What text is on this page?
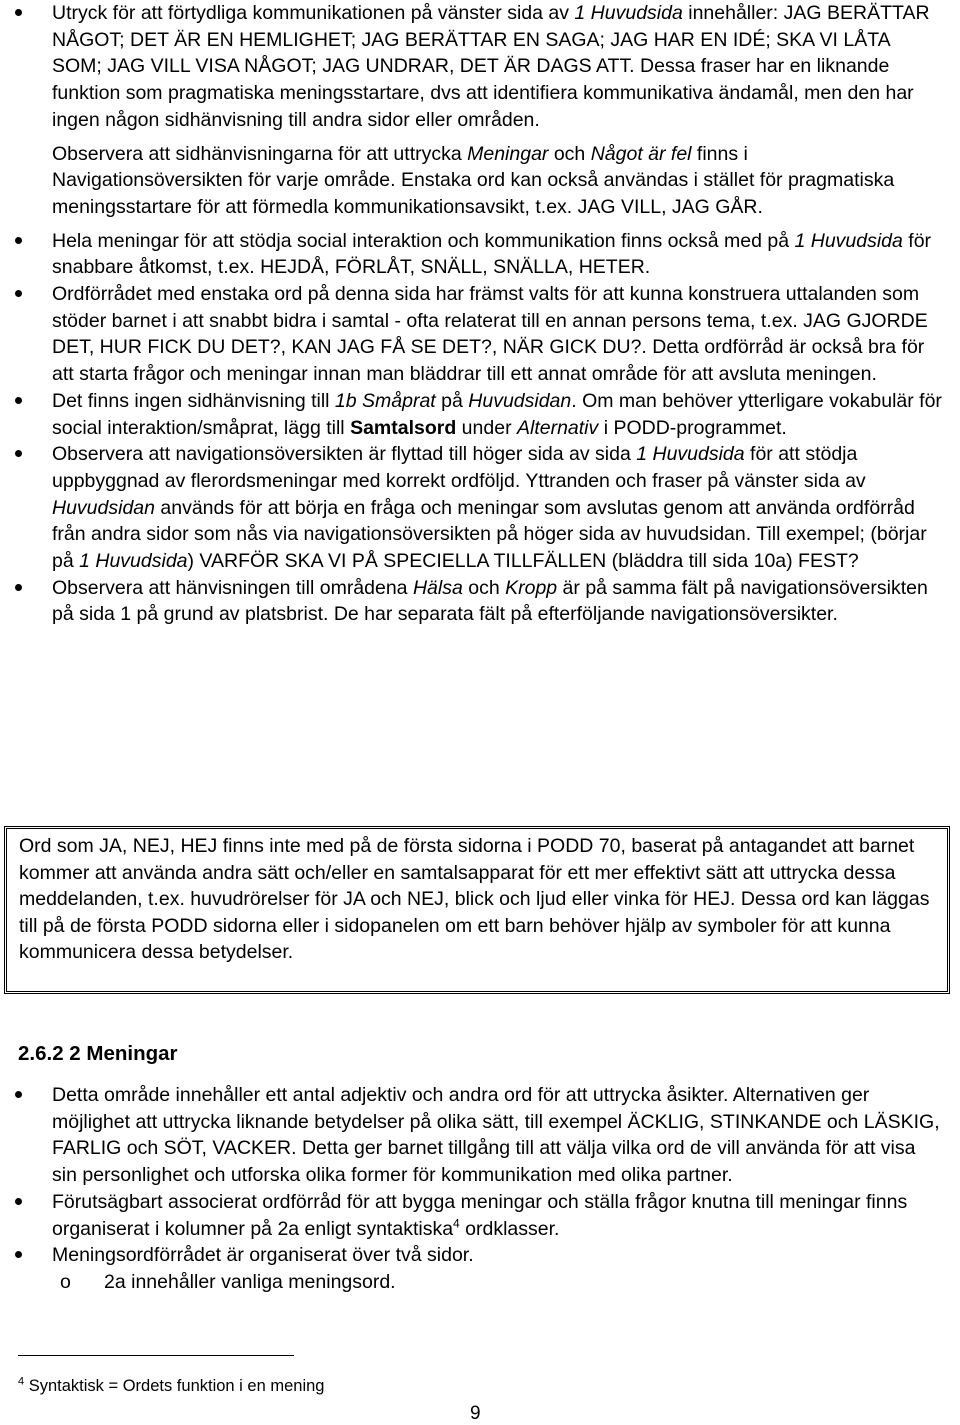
Utryck för att förtydliga kommunikationen på vänster sida av 1 Huvudsida innehåller: JAG BERÄTTAR NÅGOT; DET ÄR EN HEMLIGHET; JAG BERÄTTAR EN SAGA; JAG HAR EN IDÉ; SKA VI LÅTA SOM; JAG VILL VISA NÅGOT; JAG UNDRAR, DET ÄR DAGS ATT. Dessa fraser har en liknande funktion som pragmatiska meningsstartare, dvs att identifiera kommunikativa ändamål, men den har ingen någon sidhänvisning till andra sidor eller områden.

Observera att sidhänvisningarna för att uttrycka Meningar och Något är fel finns i Navigationsöversikten för varje område. Enstaka ord kan också användas i stället för pragmatiska meningsstartare för att förmedla kommunikationsavsikt, t.ex. JAG VILL, JAG GÅR.

Hela meningar för att stödja social interaktion och kommunikation finns också med på 1 Huvudsida för snabbare åtkomst, t.ex. HEJDÅ, FÖRLÅT, SNÄLL, SNÄLLA, HETER.
Ordförrådet med enstaka ord på denna sida har främst valts för att kunna konstruera uttalanden som stöder barnet i att snabbt bidra i samtal - ofta relaterat till en annan persons tema, t.ex. JAG GJORDE DET, HUR FICK DU DET?, KAN JAG FÅ SE DET?, NÄR GICK DU?. Detta ordförråd är också bra för att starta frågor och meningar innan man bläddrar till ett annat område för att avsluta meningen.
Det finns ingen sidhänvisning till 1b Småprat på Huvudsidan. Om man behöver ytterligare vokabulär för social interaktion/småprat, lägg till Samtalsord under Alternativ i PODD-programmet.
Observera att navigationsöversikten är flyttad till höger sida av sida 1 Huvudsida för att stödja uppbyggnad av flerordsmeningar med korrekt ordföljd. Yttranden och fraser på vänster sida av Huvudsidan används för att börja en fråga och meningar som avslutas genom att använda ordförråd från andra sidor som nås via navigationsöversikten på höger sida av huvudsidan. Till exempel; (börjar på 1 Huvudsida) VARFÖR SKA VI PÅ SPECIELLA TILLFÄLLEN (bläddra till sida 10a) FEST?
Observera att hänvisningen till områdena Hälsa och Kropp är på samma fält på navigationsöversikten på sida 1 på grund av platsbrist. De har separata fält på efterföljande navigationsöversikter.
Ord som JA, NEJ, HEJ finns inte med på de första sidorna i PODD 70, baserat på antagandet att barnet kommer att använda andra sätt och/eller en samtalsapparat för ett mer effektivt sätt att uttrycka dessa meddelanden, t.ex. huvudrörelser för JA och NEJ, blick och ljud eller vinka för HEJ. Dessa ord kan läggas till på de första PODD sidorna eller i sidopanelen om ett barn behöver hjälp av symboler för att kunna kommunicera dessa betydelser.
2.6.2 2 Meningar
Detta område innehåller ett antal adjektiv och andra ord för att uttrycka åsikter. Alternativen ger möjlighet att uttrycka liknande betydelser på olika sätt, till exempel ÄCKLIG, STINKANDE och LÄSKIG, FARLIG och SÖT, VACKER. Detta ger barnet tillgång till att välja vilka ord de vill använda för att visa sin personlighet och utforska olika former för kommunikation med olika partner.
Förutsägbart associerat ordförråd för att bygga meningar och ställa frågor knutna till meningar finns organiserat i kolumner på 2a enligt syntaktiska$^4$ ordklasser.
Meningsordförrådet är organiserat över två sidor.
o 2a innehåller vanliga meningsord.
$^4$ Syntaktisk = Ordets funktion i en mening
9
